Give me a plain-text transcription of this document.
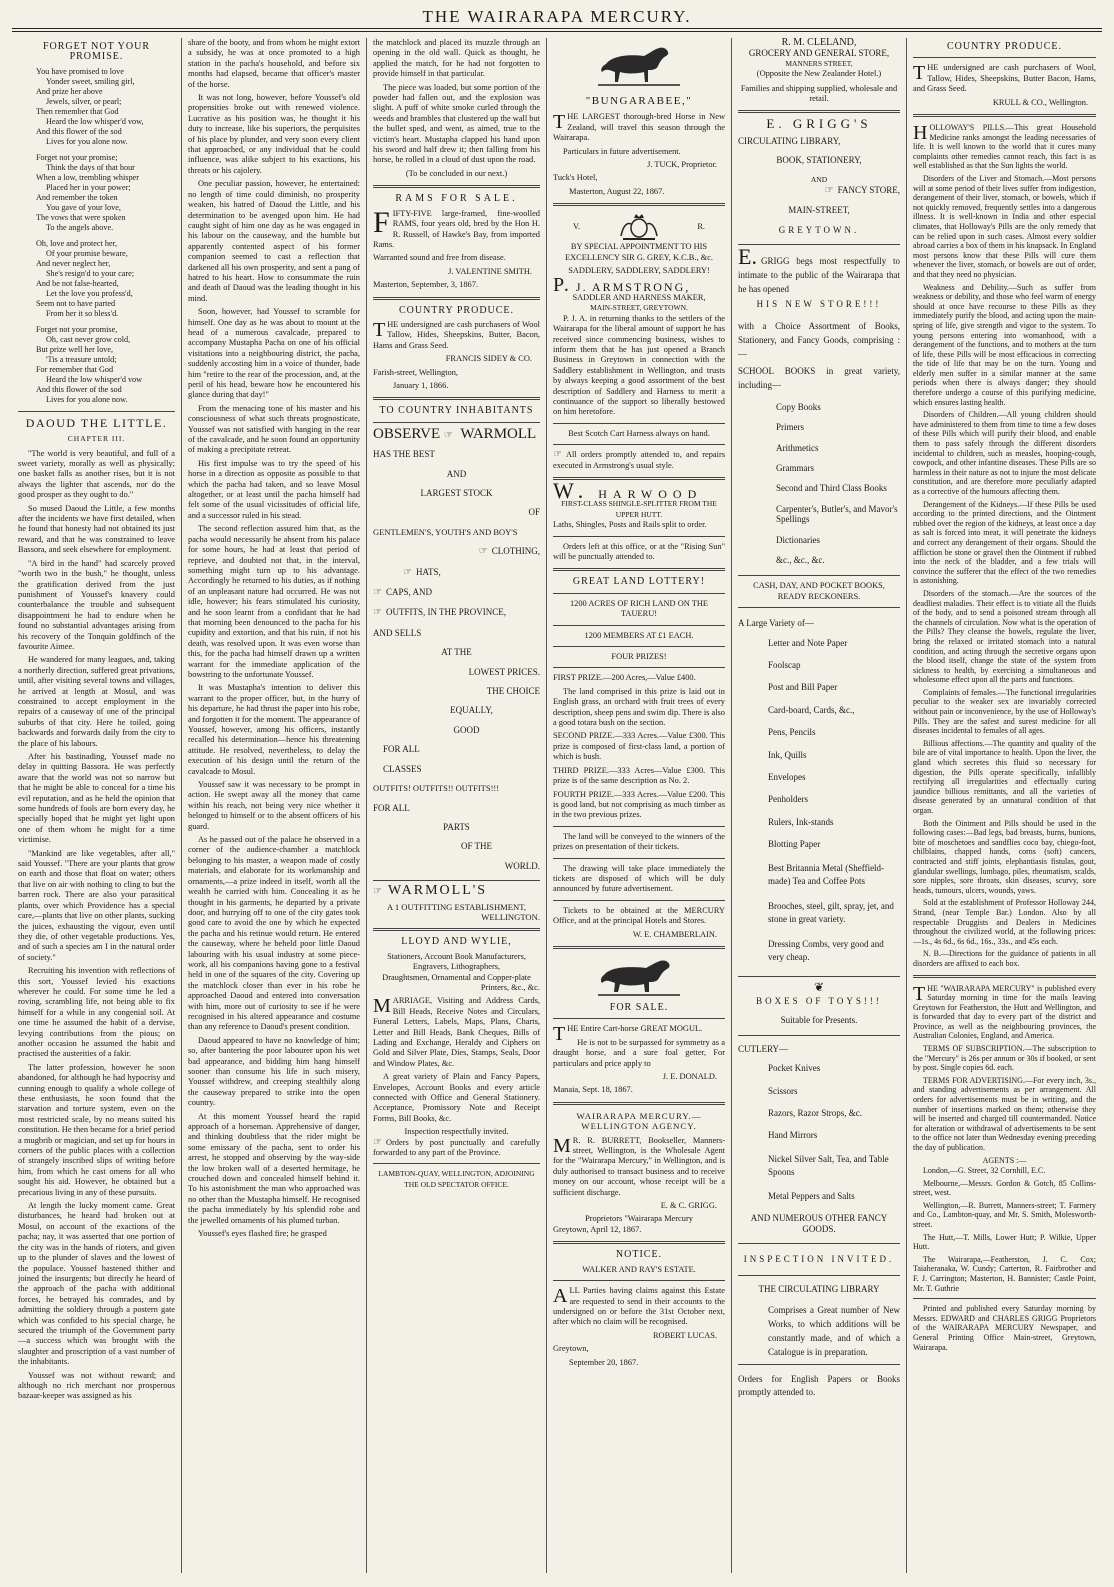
THE WAIRARAPA MERCURY.
FORGET NOT YOUR PROMISE.
You have promised to love
Yonder sweet, smiling girl,
And prize her above
Jewels, silver, or pearl;
Then remember that God
Heard the low whisper'd vow,
And this flower of the sod
Lives for you alone now.
Forget not your promise;
Think the days of that hour
When a low, trembling whisper
Placed her in your power;
And remember the token
You gave of your love,
The vows that were spoken
To the angels above.
Oh, love and protect her,
Of your promise beware,
And never neglect her,
She's resign'd to your care;
And be not false-hearted,
Let the love you profess'd,
Seem not to have parted
From her it so bless'd.
Forget not your promise,
Oh, cast never grow cold,
But prize well her love,
'Tis a treasure untold;
For remember that God
Heard the low whisper'd vow
And this flower of the sod
Lives for you alone now.
DAOUD THE LITTLE.
CHAPTER III.

"The world is very beautiful, and full of a sweet variety, morally as well as physically; one basket falls as another rises, but it is not always the lighter that ascends, nor do the good prosper as they ought to do."

So mused Daoud the Little, a few months after the incidents we have first detailed, when he found that honesty had not obtained its just reward, and that he was constrained to leave Bassora, and seek elsewhere for employment.

"A bird in the hand" had scarcely proved "worth two in the bush," he thought, unless the gratification derived from the just punishment of Youssef's knavery could counterbalance the trouble and subsequent disappointment he had to endure when he found no substantial advantages arising from his recovery of the Tonquin goldfinch of the favourite Aimee.

He wandered for many leagues, and, taking a northerly direction, suffered great privations, until, after visiting several towns and villages, he arrived at length at Mosul, and was constrained to accept employment in the repairs of a causeway of one of the principal suburbs of that city. Here he toiled, going backwards and forwards daily from the city to the place of his labours.

After his bastinading, Youssef made no delay in quitting Bassora. He was perfectly aware that the world was not so narrow but that he might be able to conceal for a time his evil reputation, and as he held the opinion that some hundreds of fools are born every day, he specially hoped that he might yet light upon one of them whom he might for a time victimise.

"Mankind are like vegetables, after all," said Youssef. "There are your plants that grow on earth and those that float on water; others that live on air with nothing to cling to but the barren rock. There are also your parasitical plants, over which Providence has a special care,—plants that live on other plants, sucking the juices, exhausting the vigour, even until they die, of other vegetable productions. Yes, and of such a species am I in the natural order of society."

Recruiting his invention with reflections of this sort, Youssef levied his exactions wherever he could. For some time he led a roving, scrambling life, not being able to fix himself for a while in any congenial soil. At one time he assumed the habit of a dervise, levying contributions from the pious; on another occasion he assumed the habit and practised the austerities of a fakir.

The latter profession, however he soon abandoned, for although he had hypocrisy and cunning enough to qualify a whole college of these enthusiasts, he soon found that the starvation and torture system, even on the most restricted scale, by no means suited his constitution. He then became for a brief period a mugbrib or magician, and set up for hours in corners of the public places with a collection of strangely inscribed slips of writing before him, from which he cast omens for all who sought his aid. However, he obtained but a precarious living in any of these pursuits.

At length the lucky moment came. Great disturbances, he heard had broken out at Mosul, on account of the exactions of the pacha; nay, it was asserted that one portion of the city was in the hands of rioters, and given up to the plunder of slaves and the lowest of the populace. Youssef hastened thither and joined the insurgents; but directly he heard of the approach of the pacha with additional forces, he betrayed his comrades, and by admitting the soldiery through a postern gate which was confided to his special charge, he secured the triumph of the Government party—a success which was brought with the slaughter and proscription of a vast number of the inhabitants.

Youssef was not without reward; and although no rich merchant nor prosperous bazaar-keeper was assigned as his

share of the booty, and from whom he might extort a subsidy, he was at once promoted to a high station in the pacha's household, and before six months had elapsed, became that officer's master of the horse.

It was not long, however, before Youssef's old propensities broke out with renewed violence. Lucrative as his position was, he thought it his duty to increase, like his superiors, the perquisites of his place by plunder, and very soon every client that approached, or any individual that he could influence, was alike subject to his exactions, his threats or his cajolery.

One peculiar passion, however, he entertained: no length of time could diminish, no prosperity weaken, his hatred of Daoud the Little, and his determination to be avenged upon him. He had caught sight of him one day as he was engaged in his labour on the causeway, and the humble but apparently contented aspect of his former companion seemed to cast a reflection that darkened all his own prosperity, and sent a pang of hatred to his heart. How to consummate the ruin and death of Daoud was the leading thought in his mind.

Soon, however, had Youssef to scramble for himself. One day as he was about to mount at the head of a numerous cavalcade, prepared to accompany Mustapha Pacha on one of his official visitations into a neighbouring district, the pacha, suddenly accosting him in a voice of thunder, bade him "retire to the rear of the procession, and, at the peril of his head, beware how he encountered his glance during that day!"

From the menacing tone of his master and his consciousness of what such threats prognosticate, Youssef was not satisfied with hanging in the rear of the cavalcade, and he soon found an opportunity of making a precipitate retreat.

His first impulse was to try the speed of his horse in a direction as opposite as possible to that which the pacha had taken, and so leave Mosul altogether, or at least until the pacha himself had felt some of the usual vicissitudes of official life, and a successor ruled in his stead.

The second reflection assured him that, as the pacha would necessarily be absent from his palace for some hours, he had at least that period of reprieve, and doubted not that, in the interval, something might turn up to his advantage. Accordingly he returned to his duties, as if nothing of an unpleasant nature had occurred. He was not idle, however; his fears stimulated his curiosity, and he soon learnt from a confidant that he had that morning been denounced to the pacha for his cupidity and extortion, and that his ruin, if not his death, was resolved upon. It was even worse than this, for the pacha had himself drawn up a written warrant for the immediate application of the bowstring to the unfortunate Youssef.

It was Mustapha's intention to deliver this warrant to the proper officer, but, in the hurry of his departure, he had thrust the paper into his robe, and forgotten it for the moment. The appearance of Youssef, however, among his officers, instantly recalled his determination—hence his threatening attitude. He resolved, nevertheless, to delay the execution of his design until the return of the cavalcade to Mosul.

Youssef saw it was necessary to be prompt in action. He swept away all the money that came within his reach, not being very nice whether it belonged to himself or to the absent officers of his guard.

As he passed out of the palace he observed in a corner of the audience-chamber a matchlock belonging to his master, a weapon made of costly materials, and elaborate for its workmanship and ornaments,—a prize indeed in itself, worth all the wealth he carried with him. Concealing it as he thought in his garments, he departed by a private door, and hurrying off to one of the city gates took good care to avoid the one by which he expected the pacha and his retinue would return. He entered the causeway, where he beheld poor little Daoud labouring with his usual industry at some piece-work, all his companions having gone to a festival held in one of the squares of the city. Covering up the matchlock closer than ever in his robe he approached Daoud and entered into conversation with him, more out of curiosity to see if he were recognised in his altered appearance and costume than any reference to Daoud's present condition.

Daoud appeared to have no knowledge of him; so, after bantering the poor labourer upon his wet bad appearance, and bidding him hang himself sooner than consume his life in such misery, Youssef withdrew, and creeping stealthily along the causeway prepared to strike into the open country.

At this moment Youssef heard the rapid approach of a horseman. Apprehensive of danger, and thinking doubtless that the rider might be some emissary of the pacha, sent to order his arrest, he stopped and observing by the way-side the low broken wall of a deserted hermitage, he crouched down and concealed himself behind it. To his astonishment the man who approached was no other than the Mustapha himself. He recognised the pacha immediately by his splendid robe and the jewelled ornaments of his plumed turban.

Youssef's eyes flashed fire; he grasped

the matchlock and placed its muzzle through an opening in the old wall. Quick as thought, he applied the match, for he had not forgotten to provide himself in that particular.

The piece was loaded, but some portion of the powder had fallen out, and the explosion was slight. A puff of white smoke curled through the weeds and brambles that clustered up the wall but the bullet sped, and went, as aimed, true to the victim's heart. Mustapha clapped his hand upon his sword and half drew it; then falling from his horse, he rolled in a cloud of dust upon the road.

(To be concluded in our next.)
RAMS FOR SALE.

FIFTY-FIVE large-framed, fine-woolled RAMS, four years old, bred by the Hon H. R. Russell, of Hawke's Bay, from imported Rams.

Warranted sound and free from disease.

J. VALENTINE SMITH.

Masterton, September, 3, 1867.

COUNTRY PRODUCE.

THE undersigned are cash purchasers of Wool Tallow, Hides, Sheepskins, Butter, Bacon, Hams and Grass Seed.

FRANCIS SIDEY & CO.

Farish-street, Wellington,

January 1, 1866.

TO COUNTRY INHABITANTS
OBSERVE ☞ WARMOLL

HAS THE BEST

AND

LARGEST STOCK

OF

GENTLEMEN'S, YOUTH'S AND BOY'S

☞ CLOTHING,

☞ HATS,

☞ CAPS, AND

☞ OUTFITS, IN THE PROVINCE,

AND SELLS

AT THE

LOWEST PRICES.

THE CHOICE

EQUALLY,

GOOD

FOR ALL

CLASSES

OUTFITS! OUTFITS!! OUTFITS!!!

FOR ALL

PARTS

OF THE

WORLD.

☞ WARMOLL'S
A 1 OUTFITTING ESTABLISHMENT,
WELLINGTON.
LLOYD AND WYLIE,
Stationers, Account Book Manufacturers,
Engravers, Lithographers,
Draughtsmen, Ornamental and Copper-plate
Printers, &c., &c.

MARRIAGE, Visiting and Address Cards, Bill Heads, Receive Notes and Circulars, Funeral Letters, Labels, Maps, Plans, Charts, Letter and Bill Heads, Bank Cheques, Bills of Lading and Exchange, Heraldy and Ciphers on Gold and Silver Plate, Dies, Stamps, Seals, Door and Window Plates, &c.

A great variety of Plain and Fancy Papers, Envelopes, Account Books and every article connected with Office and General Stationery. Acceptance, Promissory Note and Receipt Forms, Bill Books, &c.

Inspection respectfully invited.

☞ Orders by post punctually and carefully forwarded to any part of the Province.

LAMBTON-QUAY, WELLINGTON, ADJOINING THE OLD SPECTATOR OFFICE.
"BUNGARABEE,"

THE LARGEST thorough-bred Horse in New Zealand, will travel this season through the Wairarapa.

Particulars in future advertisement.

J. TUCK, Proprietor.

Tuck's Hotel,

Masterton, August 22, 1867.

V.	R.

BY SPECIAL APPOINTMENT TO HIS EXCELLENCY SIR G. GREY, K.C.B., &c.

SADDLERY, SADDLERY, SADDLERY!
P. J. ARMSTRONG,
SADDLER AND HARNESS MAKER,
MAIN-STREET, GREYTOWN.

P. J. A. in returning thanks to the settlers of the Wairarapa for the liberal amount of support he has received since commencing business, wishes to inform them that he has just opened a Branch Business in Greytown in connection with the Saddlery establishment in Wellington, and trusts by always keeping a good assortment of the best description of Saddlery and Harness to merit a continuance of the support so liberally bestowed on him heretofore.

Best Scotch Cart Harness always on hand.

☞ All orders promptly attended to, and repairs executed in Armstrong's usual style.

W. HARWOOD
FIRST-CLASS SHINGLE-SPLITTER FROM THE UPPER HUTT.

Laths, Shingles, Posts and Rails split to order.

Orders left at this office, or at the "Rising Sun" will be punctually attended to.

GREAT LAND LOTTERY!
1200 ACRES OF RICH LAND ON THE TAUERU!
1200 MEMBERS AT £1 EACH.
FOUR PRIZES!

FIRST PRIZE.—200 Acres,—Value £400.

The land comprised in this prize is laid out in English grass, an orchard with fruit trees of every description, sheep pens and swim dip. There is also a good totara bush on the section.

SECOND PRIZE.—333 Acres.—Value £300. This prize is composed of first-class land, a portion of which is bush.

THIRD PRIZE.—333 Acres—Value £300. This prize is of the same description as No. 2.

FOURTH PRIZE.—333 Acres.—Value £200. This is good land, but not comprising as much timber as in the two previous prizes.

The land will be conveyed to the winners of the prizes on presentation of their tickets.

The drawing will take place immediately the tickets are disposed of which will be duly announced by future advertisement.

Tickets to be obtained at the MERCURY Office, and at the principal Hotels and Stores.

W. E. CHAMBERLAIN.
FOR SALE.

THE Entire Cart-horse GREAT MOGUL.

He is not to be surpassed for symmetry as a draught horse, and a sure foal getter, For particulars and price apply to

J. E. DONALD.

Manaia, Sept. 18, 1867.

WAIRARAPA MERCURY.—WELLINGTON AGENCY.

M R. R. BURRETT, Bookseller, Manners-street, Wellington, is the Wholesale Agent for the "Wairarapa Mercury," in Wellington, and is duly authorised to transact business and to receive money on our account, whose receipt will be a sufficient discharge.

E. & C. GRIGG.
Proprietors "Wairarapa Mercury

Greytown, April 12, 1867.

NOTICE.
WALKER AND RAY'S ESTATE.

ALL Parties having claims against this Estate are requested to send in their accounts to the undersigned on or before the 31st October next, after which no claim will be recognised.

ROBERT LUCAS.

Greytown,

September 20, 1867.

R. M. CLELAND,
GROCERY AND GENERAL STORE,
MANNERS STREET,
(Opposite the New Zealander Hotel.)

Families and shipping supplied, wholesale and retail.

E. GRIGG'S
CIRCULATING LIBRARY,
BOOK, STATIONERY,
AND
☞ FANCY STORE,
MAIN-STREET,
GREYTOWN.

E. GRIGG begs most respectfully to intimate to the public of the Wairarapa that he has opened

HIS NEW STORE!!!

with a Choice Assortment of Books, Stationery, and Fancy Goods, comprising :—

SCHOOL BOOKS in great variety, including—

Copy Books
Primers
Arithmetics
Grammars
Second and Third Class Books
Carpenter's, Butler's, and Mavor's Spellings
Dictionaries
&c., &c., &c.

CASH, DAY, AND POCKET BOOKS, READY RECKONERS.

A Large Variety of—
Letter and Note Paper
Foolscap
Post and Bill Paper
Card-board, Cards, &c.,
Pens, Pencils
Ink, Quills
Envelopes
Penholders
Rulers, Ink-stands
Blotting Paper
Best Britannia Metal (Sheffield-made) Tea and Coffee Pots
Brooches, steel, gilt, spray, jet, and stone in great variety.
Dressing Combs, very good and very cheap.
❦
BOXES OF TOYS!!!
Suitable for Presents.
CUTLERY—
Pocket Knives
Scissors
Razors, Razor Strops, &c.
Hand Mirrors
Nickel Silver Salt, Tea, and Table Spoons
Metal Peppers and Salts
AND NUMEROUS OTHER FANCY GOODS.
INSPECTION INVITED.
THE CIRCULATING LIBRARY

Comprises a Great number of New Works, to which additions will be constantly made, and of which a Catalogue is in preparation.

Orders for English Papers or Books promptly attended to.

COUNTRY PRODUCE.

THE undersigned are cash purchasers of Wool, Tallow, Hides, Sheepskins, Butter Bacon, Hams, and Grass Seed.

KRULL & CO., Wellington.

HOLLOWAY'S PILLS.—This great Household Medicine ranks amongst the leading necessaries of life. It is well known to the world that it cures many complaints other remedies cannot reach, this fact is as well established as that the Sun lights the world.

Disorders of the Liver and Stomach.—Most persons will at some period of their lives suffer from indigestion, derangement of their liver, stomach, or bowels, which if not quickly removed, frequently settles into a dangerous illness. It is well-known in India and other especial climates, that Holloway's Pills are the only remedy that can be relied upon in such cases. Almost every soldier abroad carries a box of them in his knapsack. In England most persons know that these Pills will cure them whenever the liver, stomach, or bowels are out of order, and that they need no physician.

Weakness and Debility.—Such as suffer from weakness or debility, and those who feel warm of energy should at once have recourse to these Pills as they immediately purify the blood, and acting upon the main-spring of life, give strength and vigor to the system. To young persons entering into womanhood, with a derangement of the functions, and to mothers at the turn of life, these Pills will be most efficacious in correcting the tide of life that may be on the turn. Young and elderly men suffer in a similar manner at the same periods when there is always danger; they should therefore undergo a course of this purifying medicine, which ensures lasting health.

Disorders of Children.—All young children should have administered to them from time to time a few doses of these Pills which will purify their blood, and enable them to pass safely through the different disorders incidental to children, such as measles, hooping-cough, cowpock, and other infantine diseases. These Pills are so harmless in their nature as not to injure the most delicate constitution, and are therefore more peculiarly adapted as a corrective of the humours affecting them.

Derangement of the Kidneys.—If these Pills be used according to the printed directions, and the Ointment rubbed over the region of the kidneys, at least once a day as salt is forced into meat, it will penetrate the kidneys and correct any derangement of their organs. Should the affliction be stone or gravel then the Ointment if rubbed into the neck of the bladder, and a few trials will convince the sufferer that the effect of the two remedies is astonishing.

Disorders of the stomach.—Are the sources of the deadliest maladies. Their effect is to vitiate all the fluids of the body, and to send a poisoned stream through all the channels of circulation. Now what is the operation of the Pills? They cleanse the bowels, regulate the liver, bring the relaxed or irritated stomach into a natural condition, and acting through the secretive organs upon the blood itself, change the state of the system from sickness to health, by exercising a simultaneous and wholesome effect upon all the parts and functions.

Complaints of females.—The functional irregularities peculiar to the weaker sex are invariably corrected without pain or inconvenience, by the use of Holloway's Pills. They are the safest and surest medicine for all diseases incidental to females of all ages.

Billious affections.—The quantity and quality of the bile are of vital importance to health. Upon the liver, the gland which secretes this fluid so necessary for digestion, the Pills operate specifically, infallibly rectifying all irregularities and effectually curing jaundice billious remittants, and all the varieties of disease generated by an unnatural condition of that organ.

Both the Ointment and Pills should be used in the following cases:—Bad legs, bad breasts, burns, bunions, bite of moschetoes and sandflies coco bay, chiego-foot, chilblains, chapped hands, corns (soft) cancers, contracted and stiff joints, elephantiasis fistulas, gout, glandular swellings, lumbago, piles, rheumatism, scalds, sore nipples, sore throats, skin diseases, scurvy, sore heads, tumours, ulcers, wounds, yaws.

Sold at the establishment of Professor Holloway 244, Strand, (near Temple Bar.) London. Also by all respectable Druggists and Dealers in Medicines throughout the civilized world, at the following prices:—1s., 4s 6d., 6s 6d., 16s., 33s., and 45s each.

N. B.—Directions for the guidance of patients in all disorders are affixed to each box.

THE "WAIRARAPA MERCURY" is published every Saturday morning in time for the mails leaving Greytown for Featherston, the Hutt and Wellington, and is forwarded that day to every part of the district and Province, as well as the neighbouring provinces, the Australian Colonies, England, and America.

TERMS OF SUBSCRIPTION.—The subscription to the "Mercury" is 26s per annum or 30s if booked, or sent by post. Single copies 6d. each.

TERMS FOR ADVERTISING.—For every inch, 3s., and standing advertisements as per arrangement. All orders for advertisements must be in writing, and the number of insertions marked on them; otherwise they will be inserted and charged till countermanded. Notice for alteration or withdrawal of advertisements to be sent to the office not later than Wednesday evening preceding the day of publication.

AGENTS :—

London,—G. Street, 32 Cornhill, E.C.

Melbourne,—Messrs. Gordon & Gotch, 85 Collins-street, west.

Wellington,—R. Burrett, Manners-street; T. Farmery and Co., Lambton-quay, and Mr. S. Smith, Molesworth-street.

The Hutt,—T. Mills, Lower Hutt; P. Wilkie, Upper Hutt.

The Wairarapa,—Featherston, J. C. Cox; Taiaheranaka, W. Cundy; Carterton, R. Fairbrother and F. J. Carrington; Masterton, H. Bannister; Castle Point, Mr. T. Guthrie

Printed and published every Saturday morning by Messrs. EDWARD and CHARLES GRIGG Proprietors of the WAIRARAPA MERCURY Newspaper, and General Printing Office Main-street, Greytown, Wairarapa.
